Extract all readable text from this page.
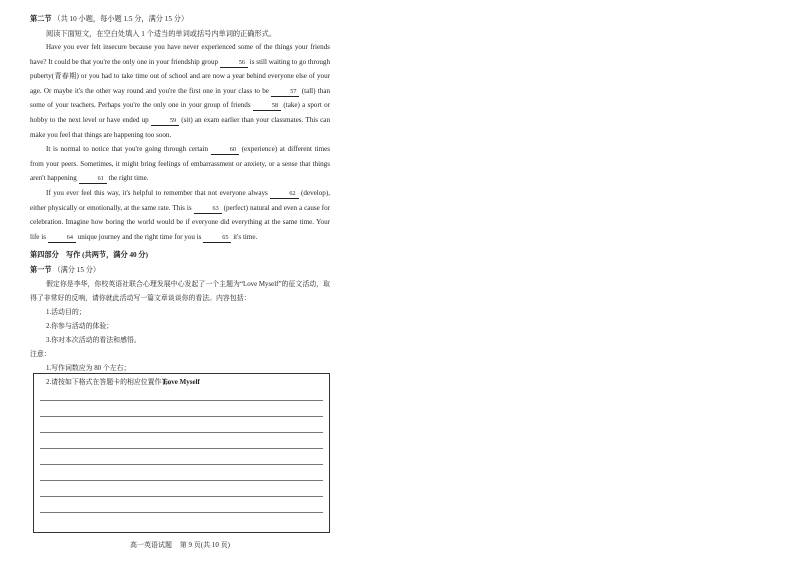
第二节 （共 10 小题，每小题 1.5 分，满分 15 分）
阅读下面短文，在空白处填入 1 个适当的单词或括号内单词的正确形式。

Have you ever felt insecure because you have never experienced some of the things your friends have? It could be that you're the only one in your friendship group	56 is still waiting to go through puberty(青春期) or you had to take time out of school and are now a year behind everyone else of your age. Or maybe it's the other way round and you're the first one in your class to be	57 (tall) than some of your teachers. Perhaps you're the only one in your group of friends	58 (take) a sport or hobby to the next level or have ended up	59 (sit) an exam earlier than your classmates. This can make you feel that things are happening too soon.

It is normal to notice that you're going through certain	60 (experience) at different times from your peers. Sometimes, it might bring feelings of embarrassment or anxiety, or a sense that things aren't happening	61 the right time.

If you ever feel this way, it's helpful to remember that not everyone always	62 (develop), either physically or emotionally, at the same rate. This is	63 (perfect) natural and even a cause for celebration. Imagine how boring the world would be if everyone did everything at the same time. Your life is	64 unique journey and the right time for you is	65 it's time.

第四部分　写作 (共两节，满分 40 分)
第一节 （满分 15 分）

假定你是李华，你校英语社联合心理发展中心发起了一个主题为“Love Myself”的征文活动，取得了非常好的反响，请你就此活动写一篇文章谈谈你的看法。内容包括：

1.活动目的；
2.你参与活动的体验；
3.你对本次活动的看法和感悟。
注意：
1.写作词数应为 80 个左右；
2.请按如下格式在答题卡的相应位置作答。
Love Myself
高一英语试题 第 9 页(共 10 页)
